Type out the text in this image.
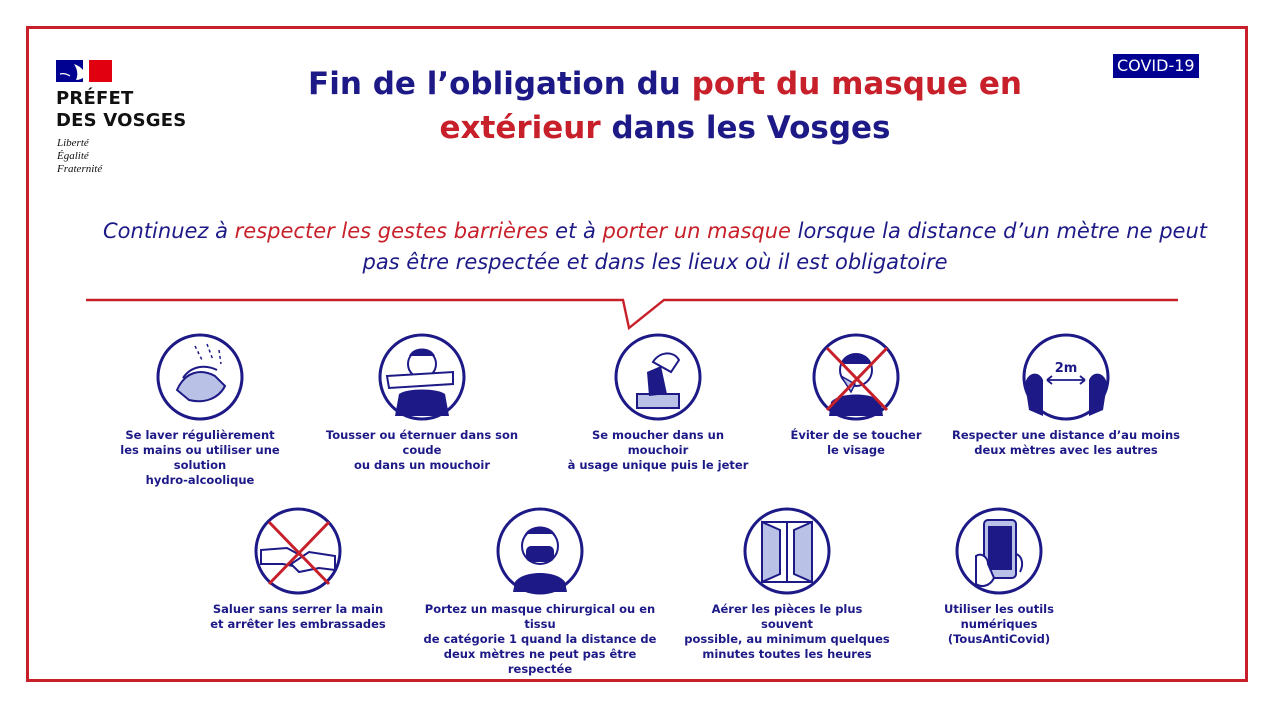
PRÉFET
DES VOSGES
Liberté
Égalité
Fraternité
COVID-19
Fin de l’obligation du port du masque en extérieur dans les Vosges
Continuez à respecter les gestes barrières et à porter un masque lorsque la distance d’un mètre ne peut pas être respectée et dans les lieux où il est obligatoire
Se laver régulièrement
les mains ou utiliser une solution
hydro-alcoolique
Tousser ou éternuer dans son coude
ou dans un mouchoir
Se moucher dans un mouchoir
à usage unique puis le jeter
Éviter de se toucher
le visage
2m
Respecter une distance d’au moins
deux mètres avec les autres
Saluer sans serrer la main
et arrêter les embrassades
Portez un masque chirurgical ou en tissu
de catégorie 1 quand la distance de
deux mètres ne peut pas être respectée
Aérer les pièces le plus souvent
possible, au minimum quelques
minutes toutes les heures
Utiliser les outils numériques
(TousAntiCovid)
